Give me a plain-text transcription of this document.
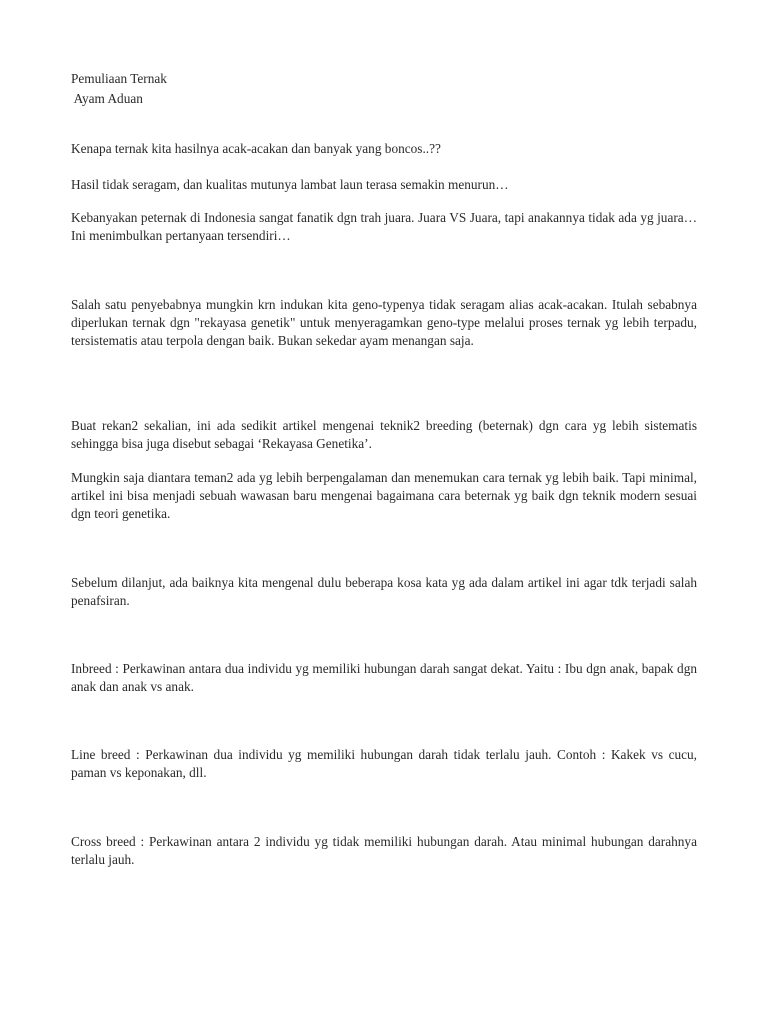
Pemuliaan Ternak
Ayam Aduan

Kenapa ternak kita hasilnya acak-acakan dan banyak yang boncos..??

Hasil tidak seragam, dan kualitas mutunya lambat laun terasa semakin menurun…

Kebanyakan peternak di Indonesia sangat fanatik dgn trah juara. Juara VS Juara, tapi anakannya tidak ada yg juara… Ini menimbulkan pertanyaan tersendiri…

Salah satu penyebabnya mungkin krn indukan kita geno-typenya tidak seragam alias acak-acakan. Itulah sebabnya diperlukan ternak dgn "rekayasa genetik" untuk menyeragamkan geno-type melalui proses ternak yg lebih terpadu, tersistematis atau terpola dengan baik. Bukan sekedar ayam menangan saja.

Buat rekan2 sekalian, ini ada sedikit artikel mengenai teknik2 breeding (beternak) dgn cara yg lebih sistematis sehingga bisa juga disebut sebagai ‘Rekayasa Genetika’.

Mungkin saja diantara teman2 ada yg lebih berpengalaman dan menemukan cara ternak yg lebih baik. Tapi minimal, artikel ini bisa menjadi sebuah wawasan baru mengenai bagaimana cara beternak yg baik dgn teknik modern sesuai dgn teori genetika.

Sebelum dilanjut, ada baiknya kita mengenal dulu beberapa kosa kata yg ada dalam artikel ini agar tdk terjadi salah penafsiran.

Inbreed : Perkawinan antara dua individu yg memiliki hubungan darah sangat dekat. Yaitu : Ibu dgn anak, bapak dgn anak dan anak vs anak.

Line breed : Perkawinan dua individu yg memiliki hubungan darah tidak terlalu jauh. Contoh : Kakek vs cucu, paman vs keponakan, dll.

Cross breed : Perkawinan antara 2 individu yg tidak memiliki hubungan darah. Atau minimal hubungan darahnya terlalu jauh.
